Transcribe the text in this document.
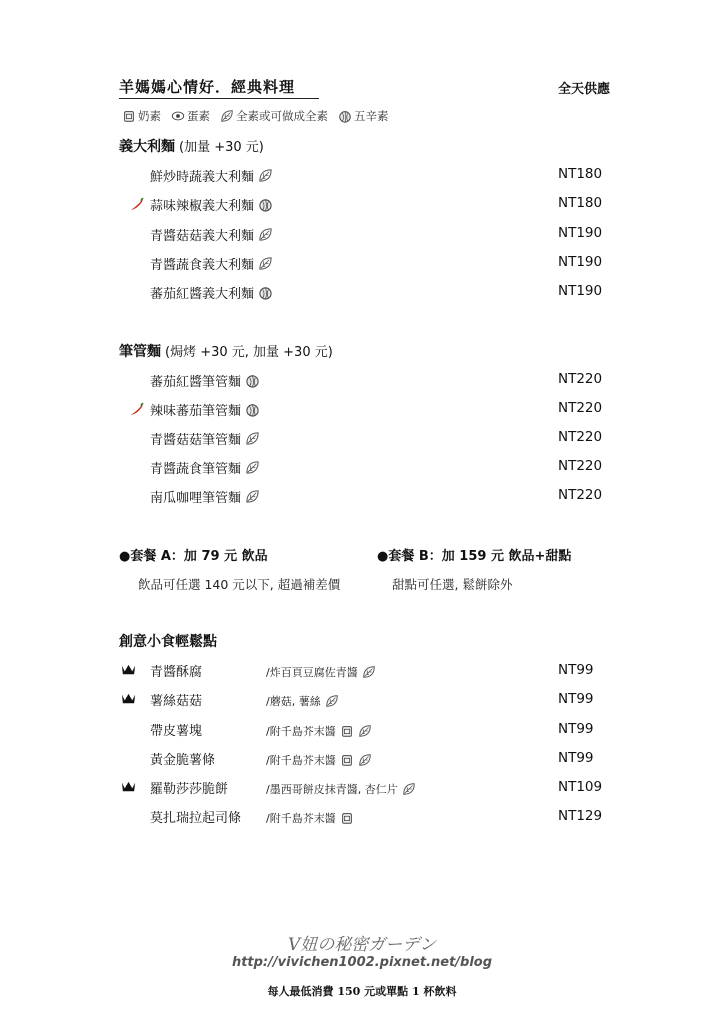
羊媽媽心情好．經典料理	全天供應
奶素 蛋素 全素或可做成全素 五辛素
義大利麵 (加量 +30 元)
鮮炒時蔬義大利麵	NT180
蒜味辣椒義大利麵	NT180
青醬菇菇義大利麵	NT190
青醬蔬食義大利麵	NT190
蕃茄紅醬義大利麵	NT190
筆管麵 (焗烤 +30 元, 加量 +30 元)
蕃茄紅醬筆管麵	NT220
辣味蕃茄筆管麵	NT220
青醬菇菇筆管麵	NT220
青醬蔬食筆管麵	NT220
南瓜咖哩筆管麵	NT220
●套餐 A：加 79 元 飲品
飲品可任選 140 元以下, 超過補差價
●套餐 B：加 159 元 飲品+甜點
甜點可任選, 鬆餅除外
創意小食輕鬆點
青醬酥腐	/炸百頁豆腐佐青醬	NT99
薯絲菇菇	/蘑菇, 薯絲	NT99
帶皮薯塊	/附千島芥末醬	NT99
黃金脆薯條	/附千島芥末醬	NT99
羅勒莎莎脆餅	/墨西哥餅皮抹青醬, 杏仁片	NT109
莫扎瑞拉起司條 /附千島芥末醬	NT129
V妞の秘密ガーデン
http://vivichen1002.pixnet.net/blog
每人最低消費 150 元或單點 1 杯飲料
